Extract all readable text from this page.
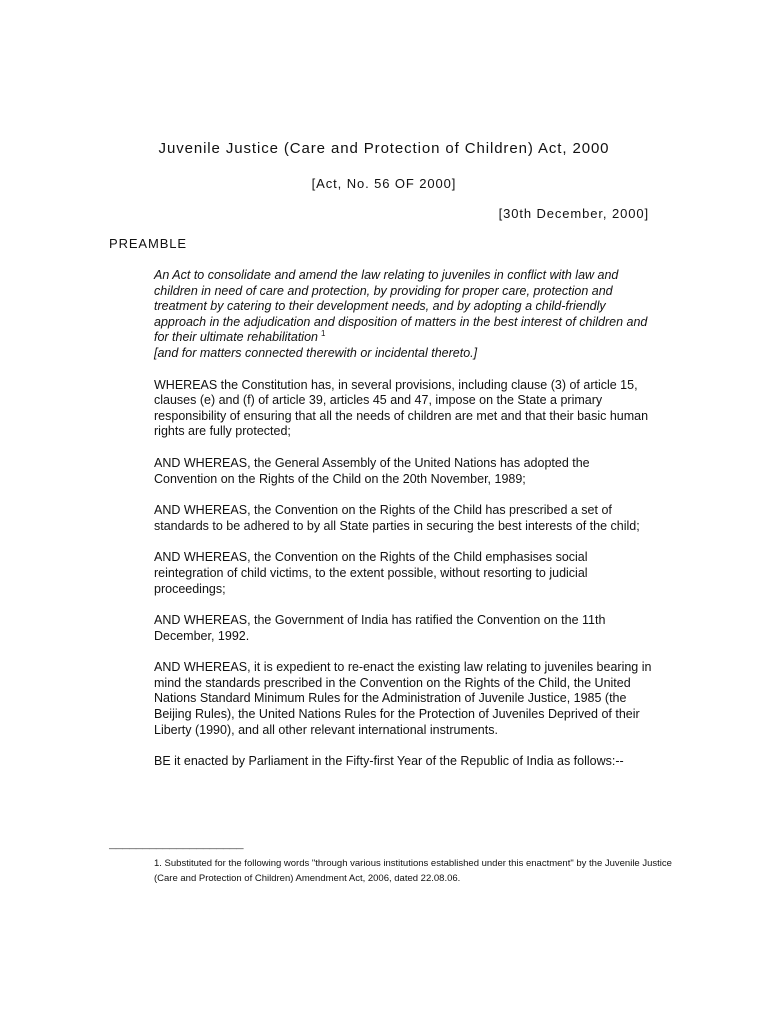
Juvenile Justice (Care and Protection of Children) Act, 2000
[Act, No. 56 OF 2000]
[30th December, 2000]
PREAMBLE

An Act to consolidate and amend the law relating to juveniles in conflict with law and children in need of care and protection, by providing for proper care, protection and treatment by catering to their development needs, and by adopting a child-friendly approach in the adjudication and disposition of matters in the best interest of children and for their ultimate rehabilitation $^1$
[and for matters connected therewith or incidental thereto.]

WHEREAS the Constitution has, in several provisions, including clause (3) of article 15, clauses (e) and (f) of article 39, articles 45 and 47, impose on the State a primary responsibility of ensuring that all the needs of children are met and that their basic human rights are fully protected;

AND WHEREAS, the General Assembly of the United Nations has adopted the Convention on the Rights of the Child on the 20th November, 1989;

AND WHEREAS, the Convention on the Rights of the Child has prescribed a set of standards to be adhered to by all State parties in securing the best interests of the child;

AND WHEREAS, the Convention on the Rights of the Child emphasises social reintegration of child victims, to the extent possible, without resorting to judicial proceedings;

AND WHEREAS, the Government of India has ratified the Convention on the 11th December, 1992.

AND WHEREAS, it is expedient to re-enact the existing law relating to juveniles bearing in mind the standards prescribed in the Convention on the Rights of the Child, the United Nations Standard Minimum Rules for the Administration of Juvenile Justice, 1985 (the Beijing Rules), the United Nations Rules for the Protection of Juveniles Deprived of their Liberty (1990), and all other relevant international instruments.

BE it enacted by Parliament in the Fifty-first Year of the Republic of India as follows:--

____________________
1. Substituted for the following words "through various institutions established under this enactment" by the Juvenile Justice (Care and Protection of Children) Amendment Act, 2006, dated 22.08.06.
